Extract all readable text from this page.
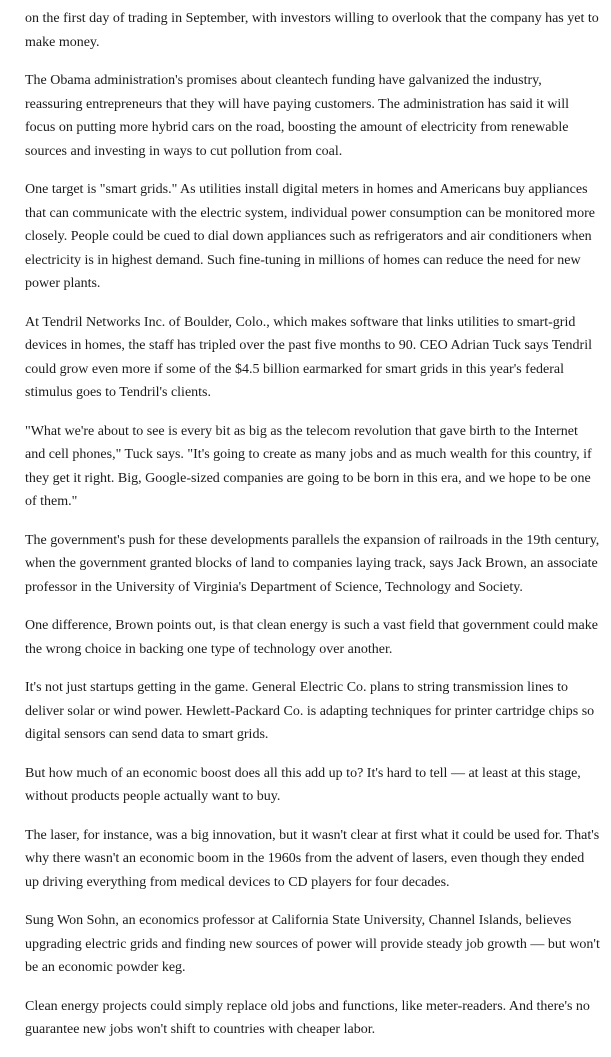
on the first day of trading in September, with investors willing to overlook that the company has yet to make money.

The Obama administration's promises about cleantech funding have galvanized the industry, reassuring entrepreneurs that they will have paying customers. The administration has said it will focus on putting more hybrid cars on the road, boosting the amount of electricity from renewable sources and investing in ways to cut pollution from coal.

One target is "smart grids." As utilities install digital meters in homes and Americans buy appliances that can communicate with the electric system, individual power consumption can be monitored more closely. People could be cued to dial down appliances such as refrigerators and air conditioners when electricity is in highest demand. Such fine-tuning in millions of homes can reduce the need for new power plants.

At Tendril Networks Inc. of Boulder, Colo., which makes software that links utilities to smart-grid devices in homes, the staff has tripled over the past five months to 90. CEO Adrian Tuck says Tendril could grow even more if some of the $4.5 billion earmarked for smart grids in this year's federal stimulus goes to Tendril's clients.

"What we're about to see is every bit as big as the telecom revolution that gave birth to the Internet and cell phones," Tuck says. "It's going to create as many jobs and as much wealth for this country, if they get it right. Big, Google-sized companies are going to be born in this era, and we hope to be one of them."

The government's push for these developments parallels the expansion of railroads in the 19th century, when the government granted blocks of land to companies laying track, says Jack Brown, an associate professor in the University of Virginia's Department of Science, Technology and Society.

One difference, Brown points out, is that clean energy is such a vast field that government could make the wrong choice in backing one type of technology over another.

It's not just startups getting in the game. General Electric Co. plans to string transmission lines to deliver solar or wind power. Hewlett-Packard Co. is adapting techniques for printer cartridge chips so digital sensors can send data to smart grids.

But how much of an economic boost does all this add up to? It's hard to tell — at least at this stage, without products people actually want to buy.

The laser, for instance, was a big innovation, but it wasn't clear at first what it could be used for. That's why there wasn't an economic boom in the 1960s from the advent of lasers, even though they ended up driving everything from medical devices to CD players for four decades.

Sung Won Sohn, an economics professor at California State University, Channel Islands, believes upgrading electric grids and finding new sources of power will provide steady job growth — but won't be an economic powder keg.

Clean energy projects could simply replace old jobs and functions, like meter-readers. And there's no guarantee new jobs won't shift to countries with cheaper labor.
